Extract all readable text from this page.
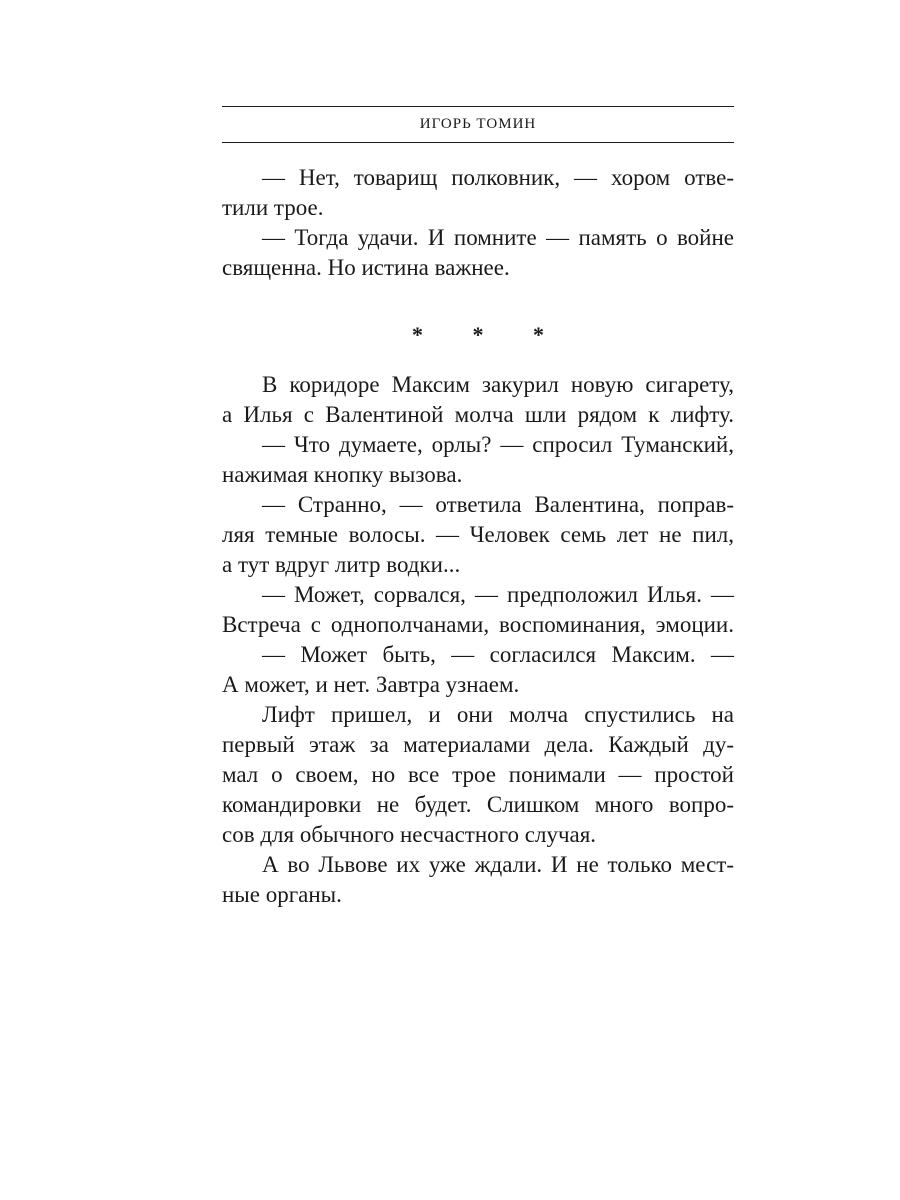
ИГОРЬ ТОМИН
— Нет, товарищ полковник, — хором отве-
тили трое.
— Тогда удачи. И помните — память о войне
священна. Но истина важнее.
* * *
В коридоре Максим закурил новую сигарету,
а Илья с Валентиной молча шли рядом к лифту.
— Что думаете, орлы? — спросил Туманский,
нажимая кнопку вызова.
— Странно, — ответила Валентина, поправ-
ляя темные волосы. — Человек семь лет не пил,
а тут вдруг литр водки...
— Может, сорвался, — предположил Илья. —
Встреча с однополчанами, воспоминания, эмоции.
— Может быть, — согласился Максим. —
А может, и нет. Завтра узнаем.
Лифт пришел, и они молча спустились на
первый этаж за материалами дела. Каждый ду-
мал о своем, но все трое понимали — простой
командировки не будет. Слишком много вопро-
сов для обычного несчастного случая.
А во Львове их уже ждали. И не только мест-
ные органы.
